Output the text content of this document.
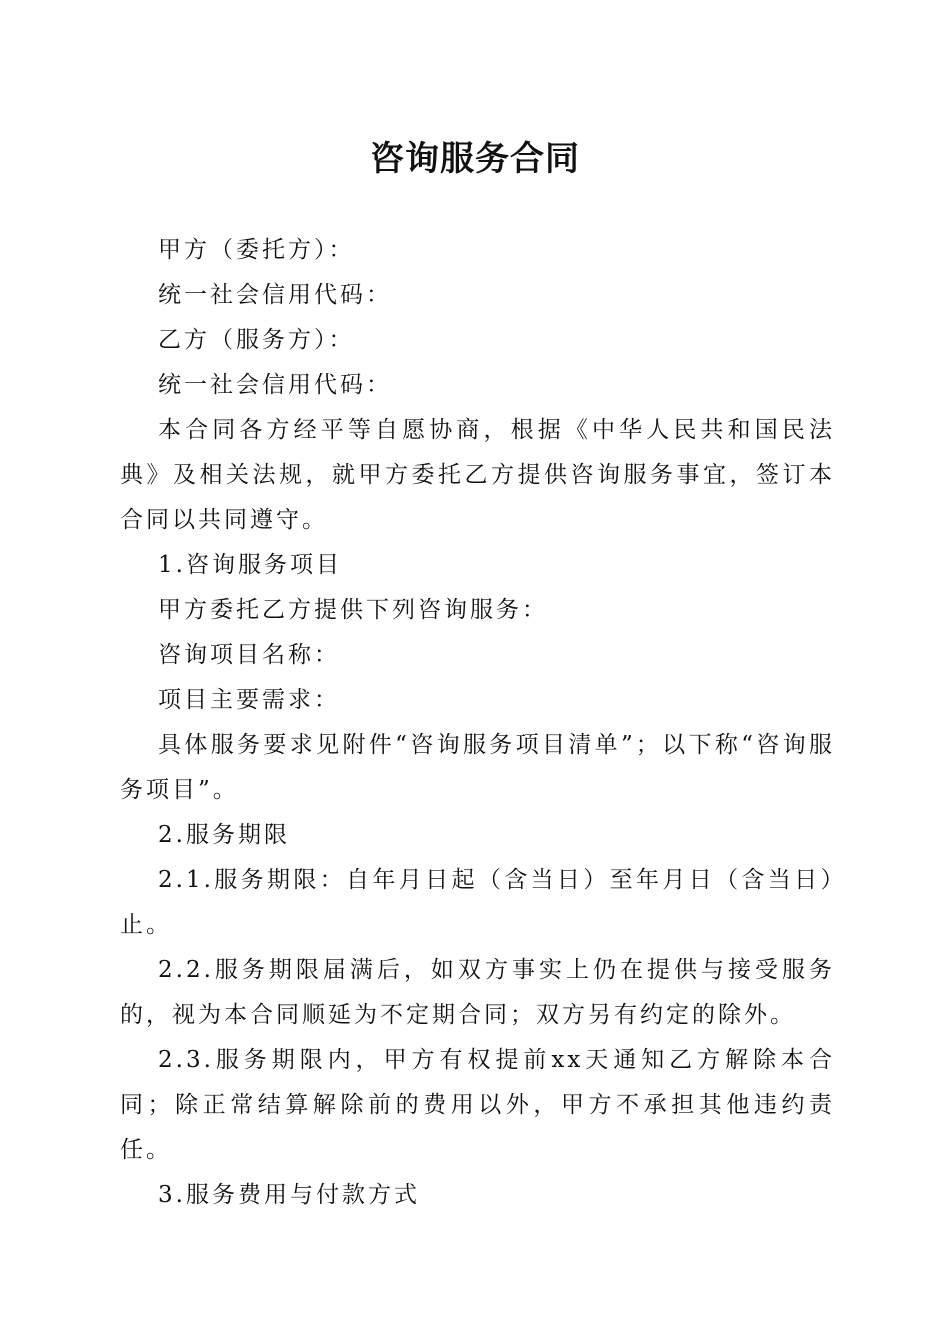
咨询服务合同

甲方（委托方）：

统一社会信用代码：

乙方（服务方）：

统一社会信用代码：

本合同各方经平等自愿协商，根据《中华人民共和国民法典》及相关法规，就甲方委托乙方提供咨询服务事宜，签订本合同以共同遵守。

1.咨询服务项目

甲方委托乙方提供下列咨询服务：

咨询项目名称：

项目主要需求：

具体服务要求见附件“咨询服务项目清单”；以下称“咨询服务项目”。

2.服务期限

2.1.服务期限：自年月日起（含当日）至年月日（含当日）止。

2.2.服务期限届满后，如双方事实上仍在提供与接受服务的，视为本合同顺延为不定期合同；双方另有约定的除外。

2.3.服务期限内，甲方有权提前xx天通知乙方解除本合同；除正常结算解除前的费用以外，甲方不承担其他违约责任。

3.服务费用与付款方式
